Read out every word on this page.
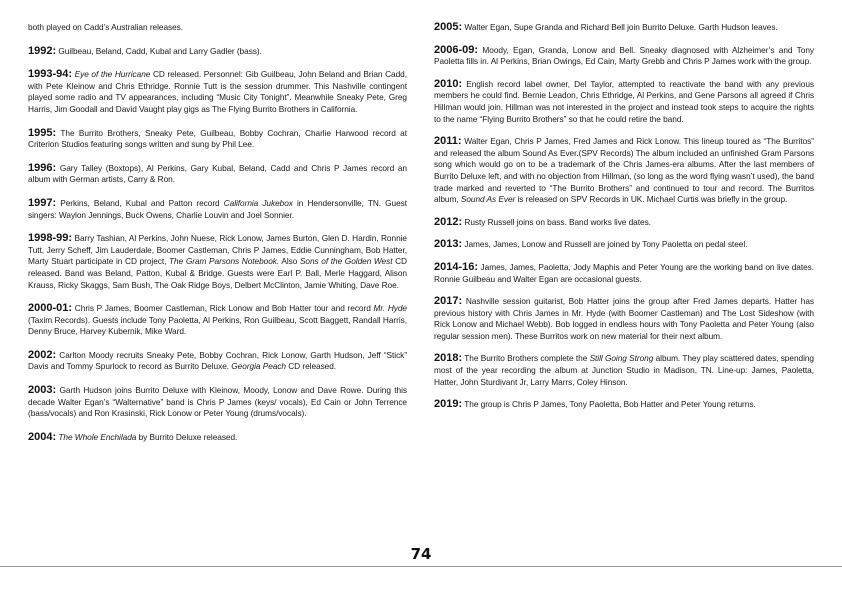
both played on Cadd’s Australian releases.

1992: Guilbeau, Beland, Cadd, Kubal and Larry Gadler (bass).

1993-94: Eye of the Hurricane CD released. Personnel: Gib Guilbeau, John Beland and Brian Cadd, with Pete Kleinow and Chris Ethridge. Ronnie Tutt is the session drummer. This Nashville contingent played some radio and TV appearances, including “Music City Tonight”. Meanwhile Sneaky Pete, Greg Harris, Jim Goodall and David Vaught play gigs as The Flying Burrito Brothers in California.

1995: The Burrito Brothers, Sneaky Pete, Guilbeau, Bobby Cochran, Charlie Harwood record at Criterion Studios featuring songs written and sung by Phil Lee.

1996: Gary Talley (Boxtops), Al Perkins, Gary Kubal, Beland, Cadd and Chris P James record an album with German artists, Carry & Ron.

1997: Perkins, Beland, Kubal and Patton record California Jukebox in Hendersonville, TN. Guest singers: Waylon Jennings, Buck Owens, Charlie Louvin and Joel Sonnier.

1998-99: Barry Tashian, Al Perkins, John Nuese, Rick Lonow, James Burton, Glen D. Hardin, Ronnie Tutt, Jerry Scheff, Jim Lauderdale, Boomer Castleman, Chris P James, Eddie Cunningham, Bob Hatter, Marty Stuart participate in CD project, The Gram Parsons Notebook. Also Sons of the Golden West CD released. Band was Beland, Patton, Kubal & Bridge. Guests were Earl P. Ball, Merle Haggard, Alison Krauss, Ricky Skaggs, Sam Bush, The Oak Ridge Boys, Delbert McClinton, Jamie Whiting, Dave Roe.

2000-01: Chris P James, Boomer Castleman, Rick Lonow and Bob Hatter tour and record Mr. Hyde (Taxim Records). Guests include Tony Paoletta, Al Perkins, Ron Guilbeau, Scott Baggett, Randall Harris, Denny Bruce, Harvey Kubernik, Mike Ward.

2002: Carlton Moody recruits Sneaky Pete, Bobby Cochran, Rick Lonow, Garth Hudson, Jeff “Stick” Davis and Tommy Spurlock to record as Burrito Deluxe. Georgia Peach CD released.

2003: Garth Hudson joins Burrito Deluxe with Kleinow, Moody, Lonow and Dave Rowe. During this decade Walter Egan’s “Walternative” band is Chris P James (keys/ vocals), Ed Cain or John Terrence (bass/vocals) and Ron Krasinski, Rick Lonow or Peter Young (drums/vocals).

2004: The Whole Enchilada by Burrito Deluxe released.

2005: Walter Egan, Supe Granda and Richard Bell join Burrito Deluxe. Garth Hudson leaves.

2006-09: Moody, Egan, Granda, Lonow and Bell. Sneaky diagnosed with Alzheimer’s and Tony Paoletta fills in. Al Perkins, Brian Owings, Ed Cain, Marty Grebb and Chris P James work with the group.

2010: English record label owner, Del Taylor, attempted to reactivate the band with any previous members he could find. Bernie Leadon, Chris Ethridge, Al Perkins, and Gene Parsons all agreed if Chris Hillman would join. Hillman was not interested in the project and instead took steps to acquire the rights to the name “Flying Burrito Brothers” so that he could retire the band.

2011: Walter Egan, Chris P James, Fred James and Rick Lonow. This lineup toured as “The Burritos” and released the album Sound As Ever.(SPV Records) The album included an unfinished Gram Parsons song which would go on to be a trademark of the Chris James-era albums. After the last members of Burrito Deluxe left, and with no objection from Hillman, (so long as the word flying wasn’t used), the band trade marked and reverted to “The Burrito Brothers” and continued to tour and record. The Burritos album, Sound As Ever is released on SPV Records in UK. Michael Curtis was briefly in the group.

2012: Rusty Russell joins on bass. Band works live dates.

2013: James, James, Lonow and Russell are joined by Tony Paoletta on pedal steel.

2014-16: James, James, Paoletta, Jody Maphis and Peter Young are the working band on live dates. Ronnie Guilbeau and Walter Egan are occasional guests.

2017: Nashville session guitarist, Bob Hatter joins the group after Fred James departs. Hatter has previous history with Chris James in Mr. Hyde (with Boomer Castleman) and The Lost Sideshow (with Rick Lonow and Michael Webb). Bob logged in endless hours with Tony Paoletta and Peter Young (also regular session men). These Burritos work on new material for their next album.

2018: The Burrito Brothers complete the Still Going Strong album. They play scattered dates, spending most of the year recording the album at Junction Studio in Madison, TN. Line-up: James, Paoletta, Hatter, John Sturdivant Jr, Larry Marrs, Coley Hinson.

2019: The group is Chris P James, Tony Paoletta, Bob Hatter and Peter Young returns.

74
